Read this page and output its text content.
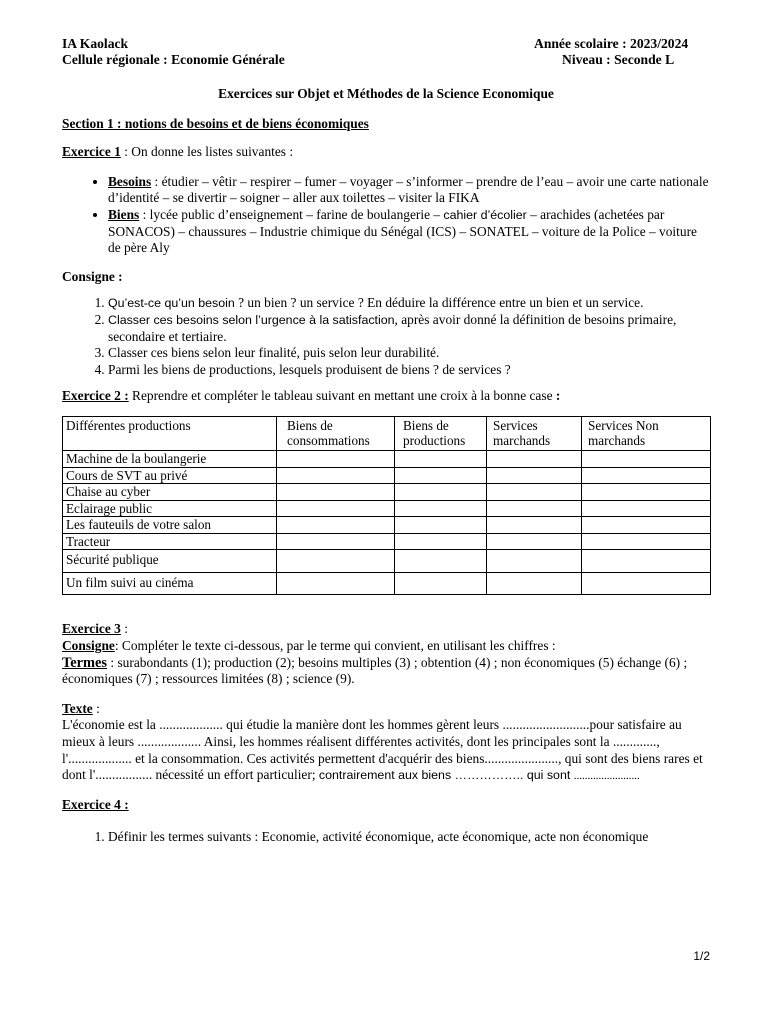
IA Kaolack	Année scolaire : 2023/2024
Cellule régionale : Economie Générale	Niveau : Seconde L
Exercices sur Objet et Méthodes de la Science Economique
Section 1 : notions de besoins et de biens économiques
Exercice 1 : On donne les listes suivantes :
• Besoins : étudier – vêtir – respirer – fumer – voyager – s’informer – prendre de l’eau – avoir une carte nationale d’identité – se divertir – soigner – aller aux toilettes – visiter la FIKA
• Biens : lycée public d’enseignement – farine de boulangerie – cahier d’écolier – arachides (achetées par SONACOS) – chaussures – Industrie chimique du Sénégal (ICS) – SONATEL – voiture de la Police – voiture de père Aly
Consigne :
1. Qu’est-ce qu’un besoin ? un bien ? un service ? En déduire la différence entre un bien et un service.
2. Classer ces besoins selon l’urgence à la satisfaction, après avoir donné la définition de besoins primaire, secondaire et tertiaire.
3. Classer ces biens selon leur finalité, puis selon leur durabilité.
4. Parmi les biens de productions, lesquels produisent de biens ? de services ?
Exercice 2 : Reprendre et compléter le tableau suivant en mettant une croix à la bonne case :
Différentes productions	Biens de consommations	Biens de productions	Services marchands	Services Non marchands
Machine de la boulangerie				
Cours de SVT au privé				
Chaise au cyber				
Eclairage public				
Les fauteuils de votre salon				
Tracteur				
Sécurité publique				
Un film suivi au cinéma				
Exercice 3 :
Consigne: Compléter le texte ci-dessous, par le terme qui convient, en utilisant les chiffres :
Termes : surabondants (1); production (2); besoins multiples (3) ; obtention (4) ; non économiques (5) échange (6) ; économiques (7) ; ressources limitées (8) ; science (9).
Texte :
L'économie est la ................... qui étudie la manière dont les hommes gèrent leurs ..........................pour satisfaire au mieux à leurs ................... Ainsi, les hommes réalisent différentes activités, dont les principales sont la ............., l'................... et la consommation. Ces activités permettent d'acquérir des biens......................, qui sont des biens rares et dont l'................. nécessité un effort particulier; contrairement aux biens …………….. qui sont ........................
Exercice 4 :
1. Définir les termes suivants : Economie, activité économique, acte économique, acte non économique
1/2
